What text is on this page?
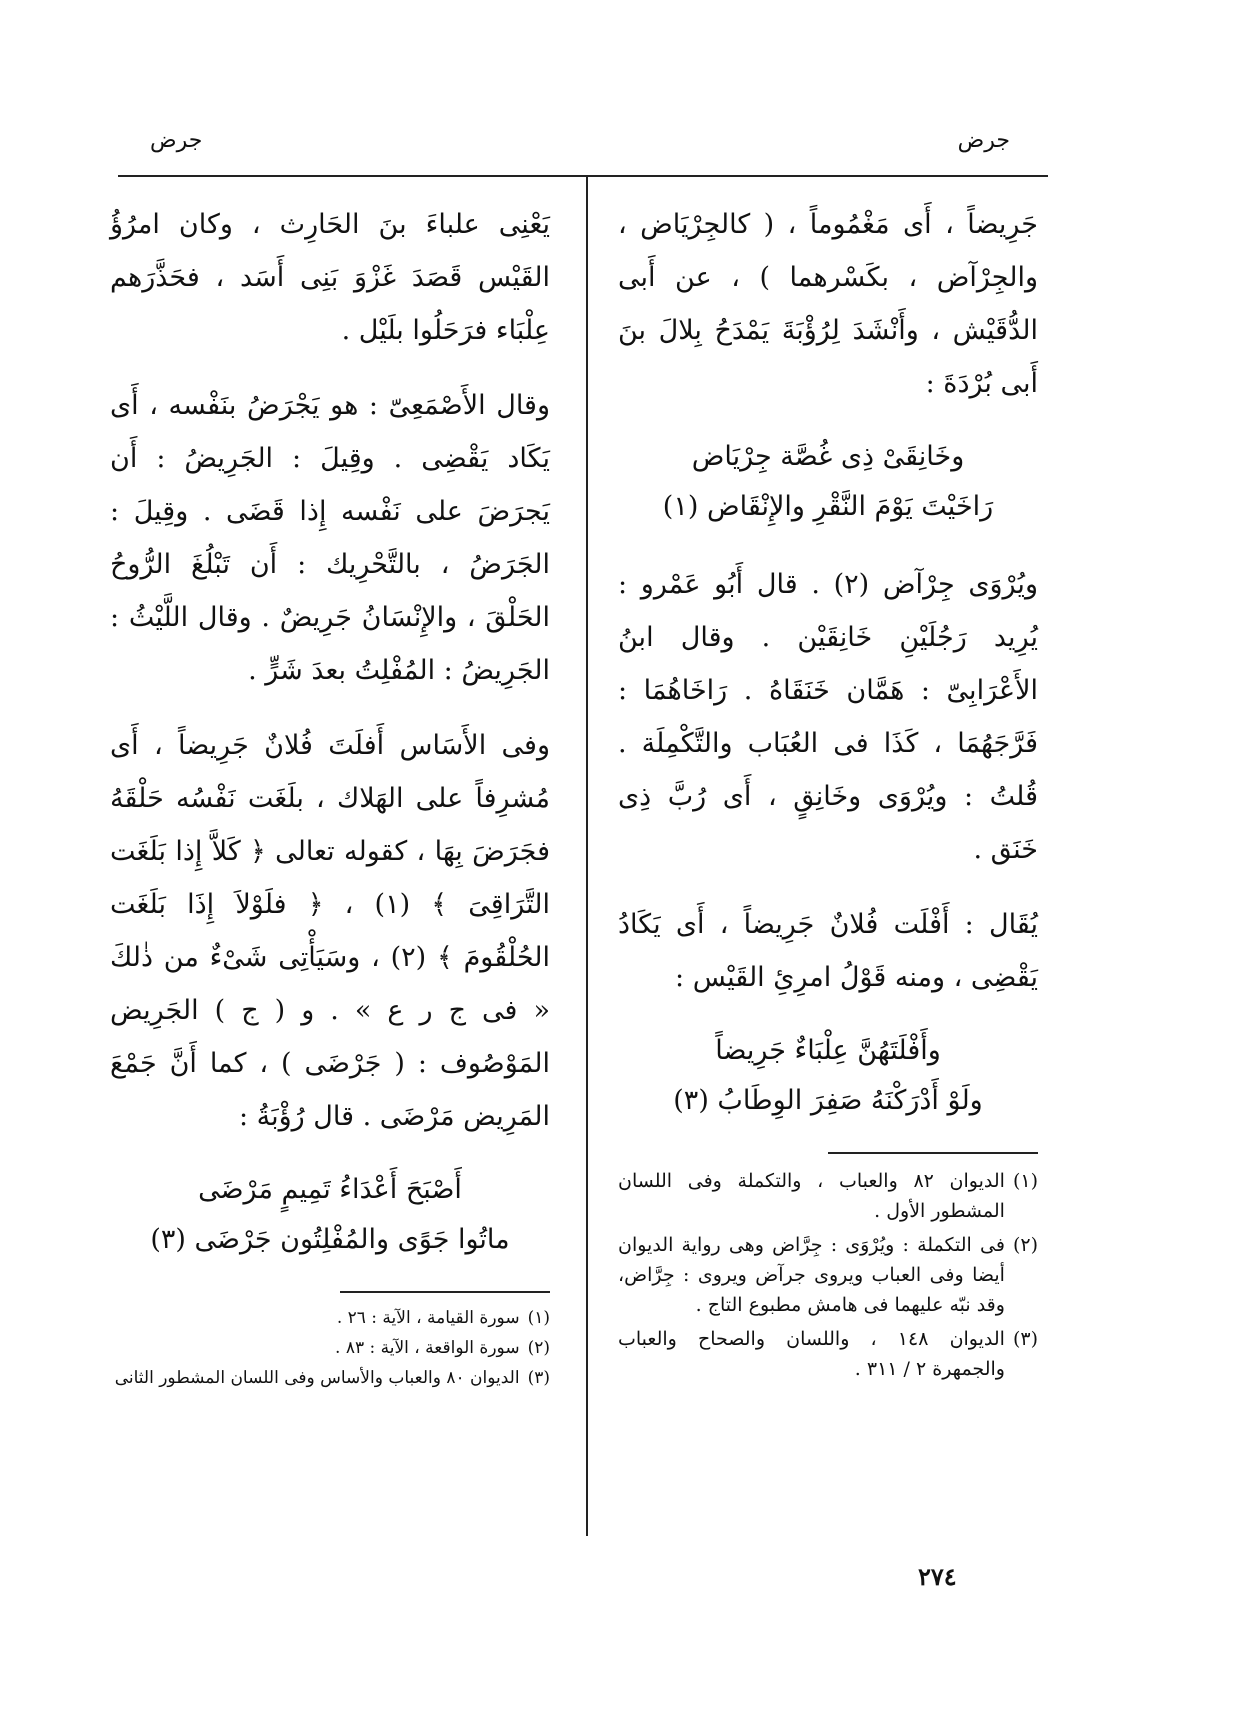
جرض
جرض

جَرِيضاً ، أَى مَغْمُوماً ، ( كالجِرْيَاض ، والجِرْآض ، بكَسْرهما ) ، عن أَبى الدُّقَيْش ، وأَنْشَدَ لِرُؤْبَةَ يَمْدَحُ بِلالَ بنَ أَبى بُرْدَةَ :

وخَانِقَىْ ذِى غُصَّة جِرْيَاض
رَاخَيْتَ يَوْمَ النَّقْرِ والإِنْقَاض (١)

ويُرْوَى جِرْآض (٢) . قال أَبُو عَمْرو : يُرِيد رَجُلَيْنِ خَانِقَيْن . وقال ابنُ الأَعْرَابِىّ : هَمَّان خَنَقَاهُ . رَاخَاهُمَا : فَرَّجَهُمَا ، كَذَا فى العُبَاب والتَّكْمِلَة . قُلتُ : ويُرْوَى وخَانِقٍ ، أَى رُبَّ ذِى خَنَق .

يُقَال : أَفْلَت فُلانٌ جَرِيضاً ، أَى يَكَادُ يَقْضِى ، ومنه قَوْلُ امرِئِ القَيْس :

وأَفْلَتَهُنَّ عِلْبَاءٌ جَرِيضاً
ولَوْ أَدْرَكْنَهُ صَفِرَ الوِطَابُ (٣)
(١)
الديوان ٨٢ والعباب ، والتكملة وفى اللسان المشطور الأول .
(٢)
فى التكملة : ويُرْوَى : جِرَّاض وهى رواية الديوان أيضا وفى العباب ويروى جرآض ويروى : جِرَّاض، وقد نبّه عليهما فى هامش مطبوع التاج .
(٣)
الديوان ١٤٨ ، واللسان والصحاح والعباب والجمهرة ٢ / ٣١١ .

يَعْنِى علباءَ بنَ الحَارِث ، وكان امرُؤُ القَيْس قَصَدَ غَزْوَ بَنِى أَسَد ، فحَذَّرَهم عِلْبَاء فرَحَلُوا بلَيْل .

وقال الأَصْمَعِىّ : هو يَجْرَضُ بنَفْسه ، أَى يَكَاد يَقْضِى . وقِيلَ : الجَرِيضُ : أَن يَجرَضَ على نَفْسه إِذا قَضَى . وقِيلَ : الجَرَضُ ، بالتَّحْرِيك : أَن تَبْلُغَ الرُّوحُ الحَلْقَ ، والإِنْسَانُ جَرِيضٌ . وقال اللَّيْثُ : الجَرِيضُ : المُفْلِتُ بعدَ شَرٍّ .

وفى الأَسَاس أَفلَتَ فُلانٌ جَرِيضاً ، أَى مُشرِفاً على الهَلاك ، بلَغَت نَفْسُه حَلْقَهُ فجَرَضَ بِهَا ، كقوله تعالى ﴿ كَلاَّ إِذا بَلَغَت التَّرَاقِىَ ﴾ (١) ، ﴿ فلَوْلاَ إِذَا بَلَغَت الحُلْقُومَ ﴾ (٢) ، وسَيَأْتِى شَىْءٌ من ذٰلكَ « فى ج ر ع » . و ( ج ) الجَرِيض المَوْصُوف : ( جَرْضَى ) ، كما أَنَّ جَمْعَ المَرِيض مَرْضَى . قال رُؤْبَةُ :

أَصْبَحَ أَعْدَاءُ تَمِيمٍ مَرْضَى
ماتُوا جَوًى والمُفْلِتُون جَرْضَى (٣)
(١)
سورة القيامة ، الآية : ٢٦ .
(٢)
سورة الواقعة ، الآية : ٨٣ .
(٣)
الديوان ٨٠ والعباب والأساس وفى اللسان المشطور الثانى
٢٧٤
